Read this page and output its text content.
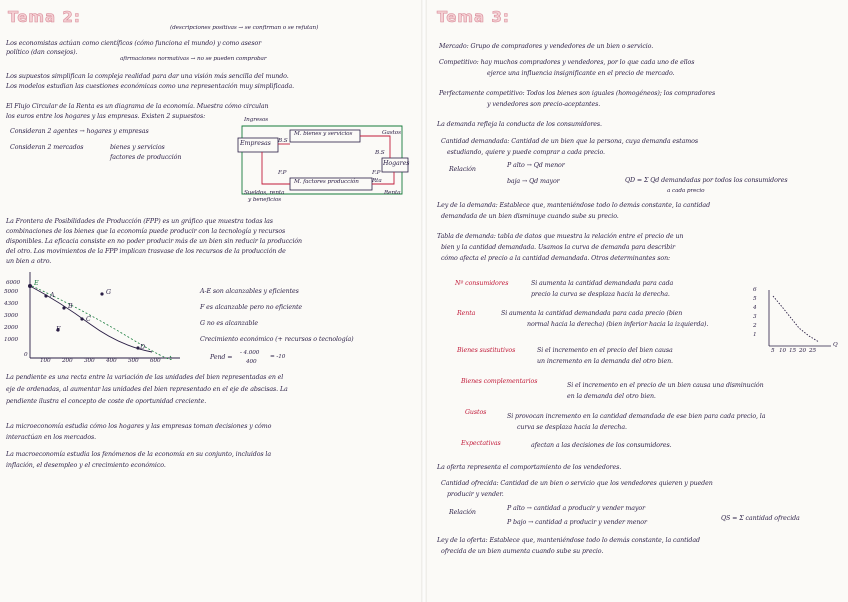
Tema 2:
(descripciones positivas → se confirman o se refutan)
Los economistas actúan como científicos (cómo funciona el mundo) y como asesor
político (dan consejos).
afirmaciones normativas → no se pueden comprobar
Los supuestos simplifican la compleja realidad para dar una visión más sencilla del mundo.
Los modelos estudian las cuestiones económicas como una representación muy simplificada.
El Flujo Circular de la Renta es un diagrama de la economía. Muestra cómo circulan
los euros entre los hogares y las empresas. Existen 2 supuestos:
Consideran 2 agentes → hogares y empresas
Consideran 2 mercados	bienes y servicios
factores de producción
Ingresos
Gastos
Empresas
Hogares
M. bienes y servicios
M. factores producción
B.S
B.S
F.P	F.P
Rta
Renta
Sueldos, renta
y beneficios
La Frontera de Posibilidades de Producción (FPP) es un gráfico que muestra todas las
combinaciones de los bienes que la economía puede producir con la tecnología y recursos
disponibles. La eficacia consiste en no poder producir más de un bien sin reducir la producción
del otro. Los movimientos de la FPP implican trasvase de los recursos de la producción de
un bien a otro.
6000
5000
4300
3000
2000
1000
0
100 200 300 400 500 600
E
A
F
B
C
D
G	A-E son alcanzables y eficientes
F es alcanzable pero no eficiente
G no es alcanzable
Crecimiento económico (+ recursos o tecnología)
Pend =
- 4.000
400
= -10
La pendiente es una recta entre la variación de las unidades del bien representadas en el
eje de ordenadas, al aumentar las unidades del bien representado en el eje de abscisas. La
pendiente ilustra el concepto de coste de oportunidad creciente.
La microeconomía estudia cómo los hogares y las empresas toman decisiones y cómo
interactúan en los mercados.
La macroeconomía estudia los fenómenos de la economía en su conjunto, incluidos la
inflación, el desempleo y el crecimiento económico.
Tema 3:
Mercado: Grupo de compradores y vendedores de un bien o servicio.
Competitivo: hay muchos compradores y vendedores, por lo que cada uno de ellos
ejerce una influencia insignificante en el precio de mercado.
Perfectamente competitivo: Todos los bienes son iguales (homogéneos); los compradores
y vendedores son precio-aceptantes.
La demanda refleja la conducta de los consumidores.
Cantidad demandada: Cantidad de un bien que la persona, cuya demanda estamos
estudiando, quiere y puede comprar a cada precio.
Relación
P alto → Qd menor
baja → Qd mayor	QD = Σ Qd demandadas por todos los consumidores
a cada precio
Ley de la demanda: Establece que, manteniéndose todo lo demás constante, la cantidad
demandada de un bien disminuye cuando sube su precio.
Tabla de demanda: tabla de datos que muestra la relación entre el precio de un
bien y la cantidad demandada. Usamos la curva de demanda para describir
cómo afecta el precio a la cantidad demandada. Otros determinantes son:
Nº consumidores	Si aumenta la cantidad demandada para cada
precio la curva se desplaza hacia la derecha.
Renta	Si aumenta la cantidad demandada para cada precio (bien
normal hacia la derecha) (bien inferior hacia la izquierda).
Bienes sustitutivos	Si el incremento en el precio del bien causa
un incremento en la demanda del otro bien.
Bienes complementarios
Si el incremento en el precio de un bien causa una disminución
en la demanda del otro bien.
Gustos
Si provocan incremento en la cantidad demandada de ese bien para cada precio, la
curva se desplaza hacia la derecha.
Expectativas	afectan a las decisiones de los consumidores.
6
5
4
3
2
1
5 10 15 20 25
Q
La oferta representa el comportamiento de los vendedores.
Cantidad ofrecida: Cantidad de un bien o servicio que los vendedores quieren y pueden
producir y vender.
Relación
P alto → cantidad a producir y vender mayor
P bajo → cantidad a producir y vender menor
QS = Σ cantidad ofrecida
Ley de la oferta: Establece que, manteniéndose todo lo demás constante, la cantidad
ofrecida de un bien aumenta cuando sube su precio.
